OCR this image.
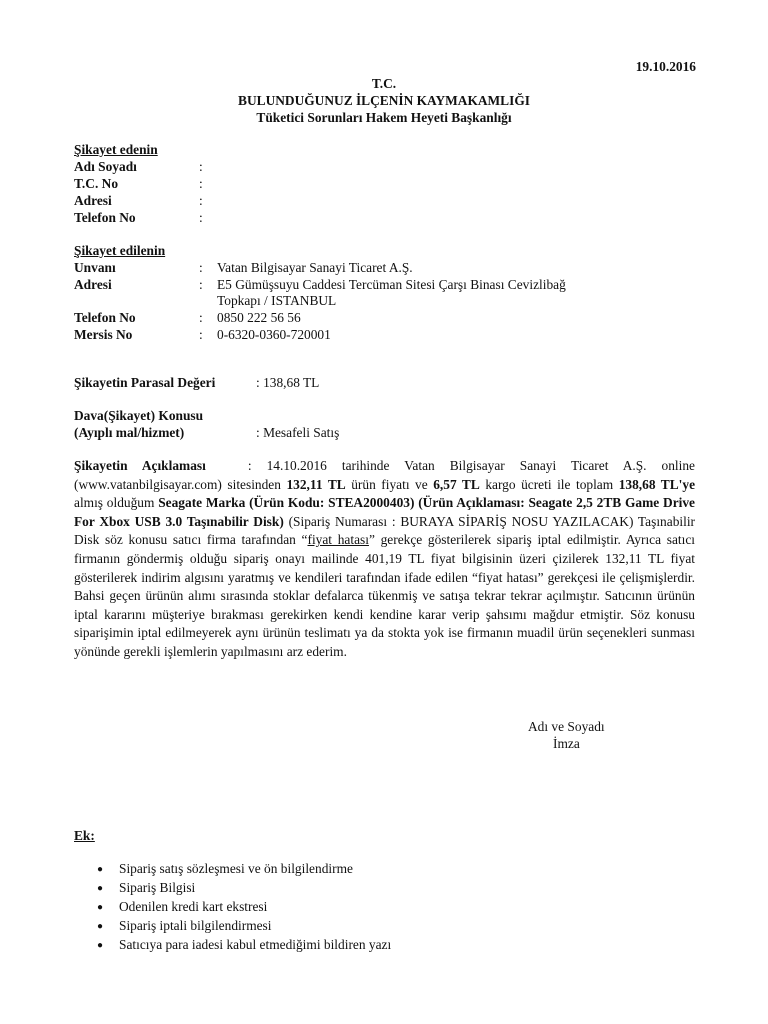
19.10.2016
T.C.
BULUNDUĞUNUZ İLÇENİN KAYMAKAMLIĞI
Tüketici Sorunları Hakem Heyeti Başkanlığı
Şikayet edenin
Adı Soyadı	:
T.C. No	:
Adresi	:
Telefon No	:
Şikayet edilenin
Unvanı	: Vatan Bilgisayar Sanayi Ticaret A.Ş.
Adresi	: E5 Gümüşsuyu Caddesi Tercüman Sitesi Çarşı Binası Cevizlibağ
Topkapı / ISTANBUL
Telefon No	: 0850 222 56 56
Mersis No	: 0-6320-0360-720001
Şikayetin Parasal Değeri	: 138,68 TL
Dava(Şikayet) Konusu
(Ayıplı mal/hizmet)	: Mesafeli Satış
Şikayetin Açıklaması	: 14.10.2016 tarihinde Vatan Bilgisayar Sanayi Ticaret A.Ş. online (www.vatanbilgisayar.com) sitesinden 132,11 TL ürün fiyatı ve 6,57 TL kargo ücreti ile toplam 138,68 TL'ye almış olduğum Seagate Marka (Ürün Kodu: STEA2000403) (Ürün Açıklaması: Seagate 2,5 2TB Game Drive For Xbox USB 3.0 Taşınabilir Disk) (Sipariş Numarası : BURAYA SİPARİŞ NOSU YAZILACAK) Taşınabilir Disk söz konusu satıcı firma tarafından “fiyat hatası” gerekçe gösterilerek sipariş iptal edilmiştir. Ayrıca satıcı firmanın göndermiş olduğu sipariş onayı mailinde 401,19 TL fiyat bilgisinin üzeri çizilerek 132,11 TL fiyat gösterilerek indirim algısını yaratmış ve kendileri tarafından ifade edilen “fiyat hatası” gerekçesi ile çelişmişlerdir. Bahsi geçen ürünün alımı sırasında stoklar defalarca tükenmiş ve satışa tekrar tekrar açılmıştır. Satıcının ürünün iptal kararını müşteriye bırakması gerekirken kendi kendine karar verip şahsımı mağdur etmiştir. Söz konusu siparişimin iptal edilmeyerek aynı ürünün teslimatı ya da stokta yok ise firmanın muadil ürün seçenekleri sunması yönünde gerekli işlemlerin yapılmasını arz ederim.
Adı ve Soyadı
İmza
Ek:
● Sipariş satış sözleşmesi ve ön bilgilendirme
● Sipariş Bilgisi
● Odenilen kredi kart ekstresi
● Sipariş iptali bilgilendirmesi
● Satıcıya para iadesi kabul etmediğimi bildiren yazı
